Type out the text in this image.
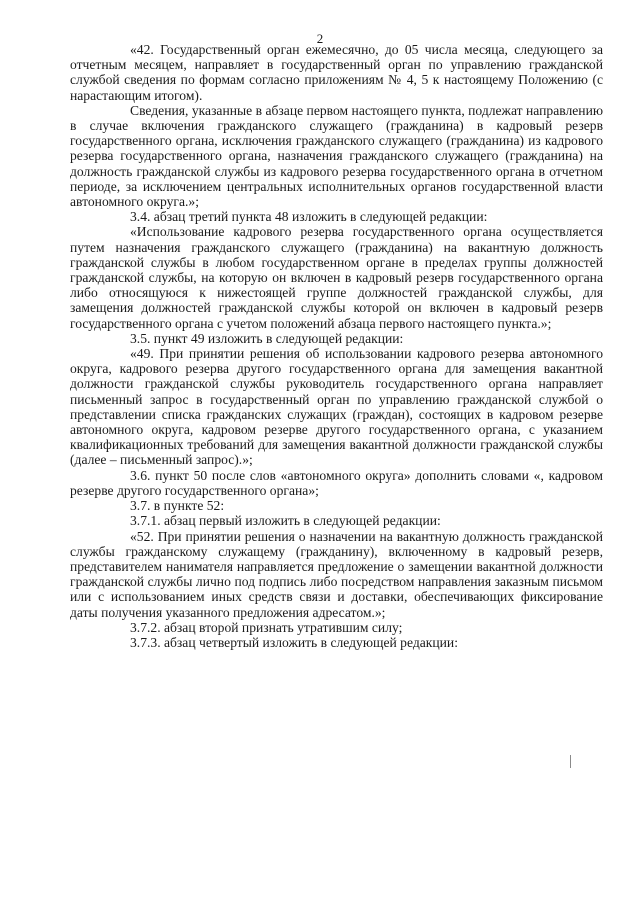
2

«42. Государственный орган ежемесячно, до 05 числа месяца, следующего за отчетным месяцем, направляет в государственный орган по управлению гражданской службой сведения по формам согласно приложениям № 4, 5 к настоящему Положению (с нарастающим итогом).

Сведения, указанные в абзаце первом настоящего пункта, подлежат направлению в случае включения гражданского служащего (гражданина) в кадровый резерв государственного органа, исключения гражданского служащего (гражданина) из кадрового резерва государственного органа, назначения гражданского служащего (гражданина) на должность гражданской службы из кадрового резерва государственного органа в отчетном периоде, за исключением центральных исполнительных органов государственной власти автономного округа.»;

3.4. абзац третий пункта 48 изложить в следующей редакции:

«Использование кадрового резерва государственного органа осуществляется путем назначения гражданского служащего (гражданина) на вакантную должность гражданской службы в любом государственном органе в пределах группы должностей гражданской службы, на которую он включен в кадровый резерв государственного органа либо относящуюся к нижестоящей группе должностей гражданской службы, для замещения должностей гражданской службы которой он включен в кадровый резерв государственного органа с учетом положений абзаца первого настоящего пункта.»;

3.5. пункт 49 изложить в следующей редакции:

«49. При принятии решения об использовании кадрового резерва автономного округа, кадрового резерва другого государственного органа для замещения вакантной должности гражданской службы руководитель государственного органа направляет письменный запрос в государственный орган по управлению гражданской службой о представлении списка гражданских служащих (граждан), состоящих в кадровом резерве автономного округа, кадровом резерве другого государственного органа, с указанием квалификационных требований для замещения вакантной должности гражданской службы (далее – письменный запрос).»;

3.6. пункт 50 после слов «автономного округа» дополнить словами «, кадровом резерве другого государственного органа»;

3.7. в пункте 52:

3.7.1. абзац первый изложить в следующей редакции:

«52. При принятии решения о назначении на вакантную должность гражданской службы гражданскому служащему (гражданину), включенному в кадровый резерв, представителем нанимателя направляется предложение о замещении вакантной должности гражданской службы лично под подпись либо посредством направления заказным письмом или с использованием иных средств связи и доставки, обеспечивающих фиксирование даты получения указанного предложения адресатом.»;

3.7.2. абзац второй признать утратившим силу;

3.7.3. абзац четвертый изложить в следующей редакции:
